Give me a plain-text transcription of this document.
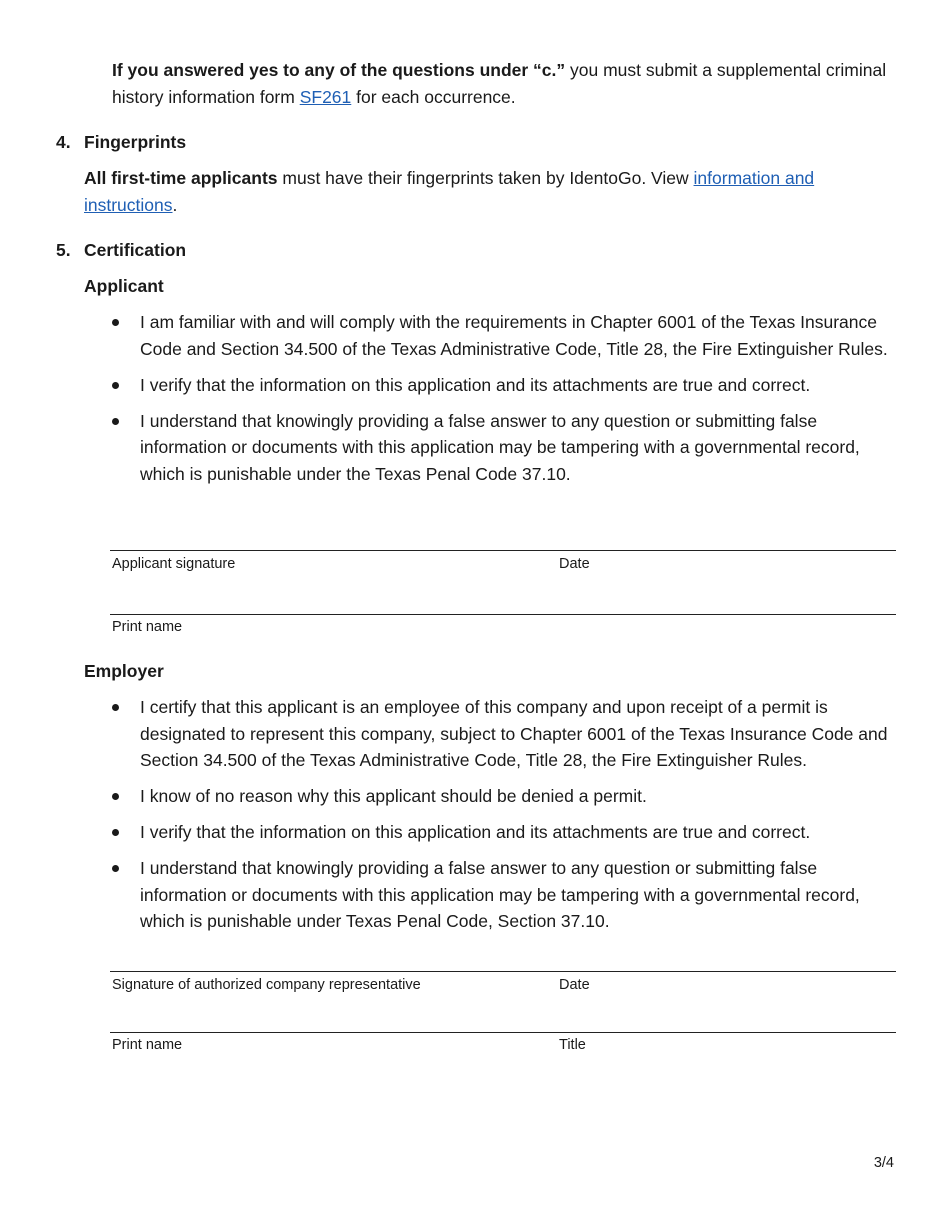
If you answered yes to any of the questions under “c.” you must submit a supplemental criminal history information form SF261 for each occurrence.

4. Fingerprints

All first-time applicants must have their fingerprints taken by IdentoGo. View information and instructions.

5. Certification
Applicant
I am familiar with and will comply with the requirements in Chapter 6001 of the Texas Insurance Code and Section 34.500 of the Texas Administrative Code, Title 28, the Fire Extinguisher Rules.
I verify that the information on this application and its attachments are true and correct.
I understand that knowingly providing a false answer to any question or submitting false information or documents with this application may be tampering with a governmental record, which is punishable under the Texas Penal Code 37.10.
Applicant signature	Date
Print name
Employer
I certify that this applicant is an employee of this company and upon receipt of a permit is designated to represent this company, subject to Chapter 6001 of the Texas Insurance Code and Section 34.500 of the Texas Administrative Code, Title 28, the Fire Extinguisher Rules.
I know of no reason why this applicant should be denied a permit.
I verify that the information on this application and its attachments are true and correct.
I understand that knowingly providing a false answer to any question or submitting false information or documents with this application may be tampering with a governmental record, which is punishable under Texas Penal Code, Section 37.10.
Signature of authorized company representative	Date
Print name	Title
3/4
